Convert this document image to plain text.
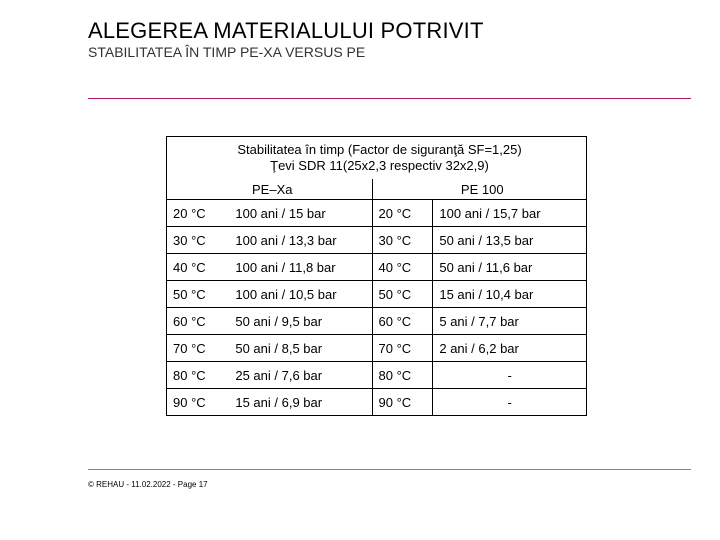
ALEGEREA MATERIALULUI POTRIVIT

STABILITATEA ÎN TIMP PE-XA VERSUS PE

Stabilitatea în timp (Factor de siguranţă SF=1,25)
Ţevi SDR 11(25x2,3 respectiv 32x2,9)			

PE–Xa		PE 100	
20 °C	100 ani / 15 bar	20 °C	100 ani / 15,7 bar
30 °C	100 ani / 13,3 bar	30 °C	50 ani / 13,5 bar
40 °C	100 ani / 11,8 bar	40 °C	50 ani / 11,6 bar
50 °C	100 ani / 10,5 bar	50 °C	15 ani / 10,4 bar
60 °C	50 ani / 9,5 bar	60 °C	5 ani / 7,7 bar
70 °C	50 ani / 8,5 bar	70 °C	2 ani / 6,2 bar
80 °C	25 ani / 7,6 bar	80 °C	-
90 °C	15 ani / 6,9 bar	90 °C	-
© REHAU - 11.02.2022 - Page 17
